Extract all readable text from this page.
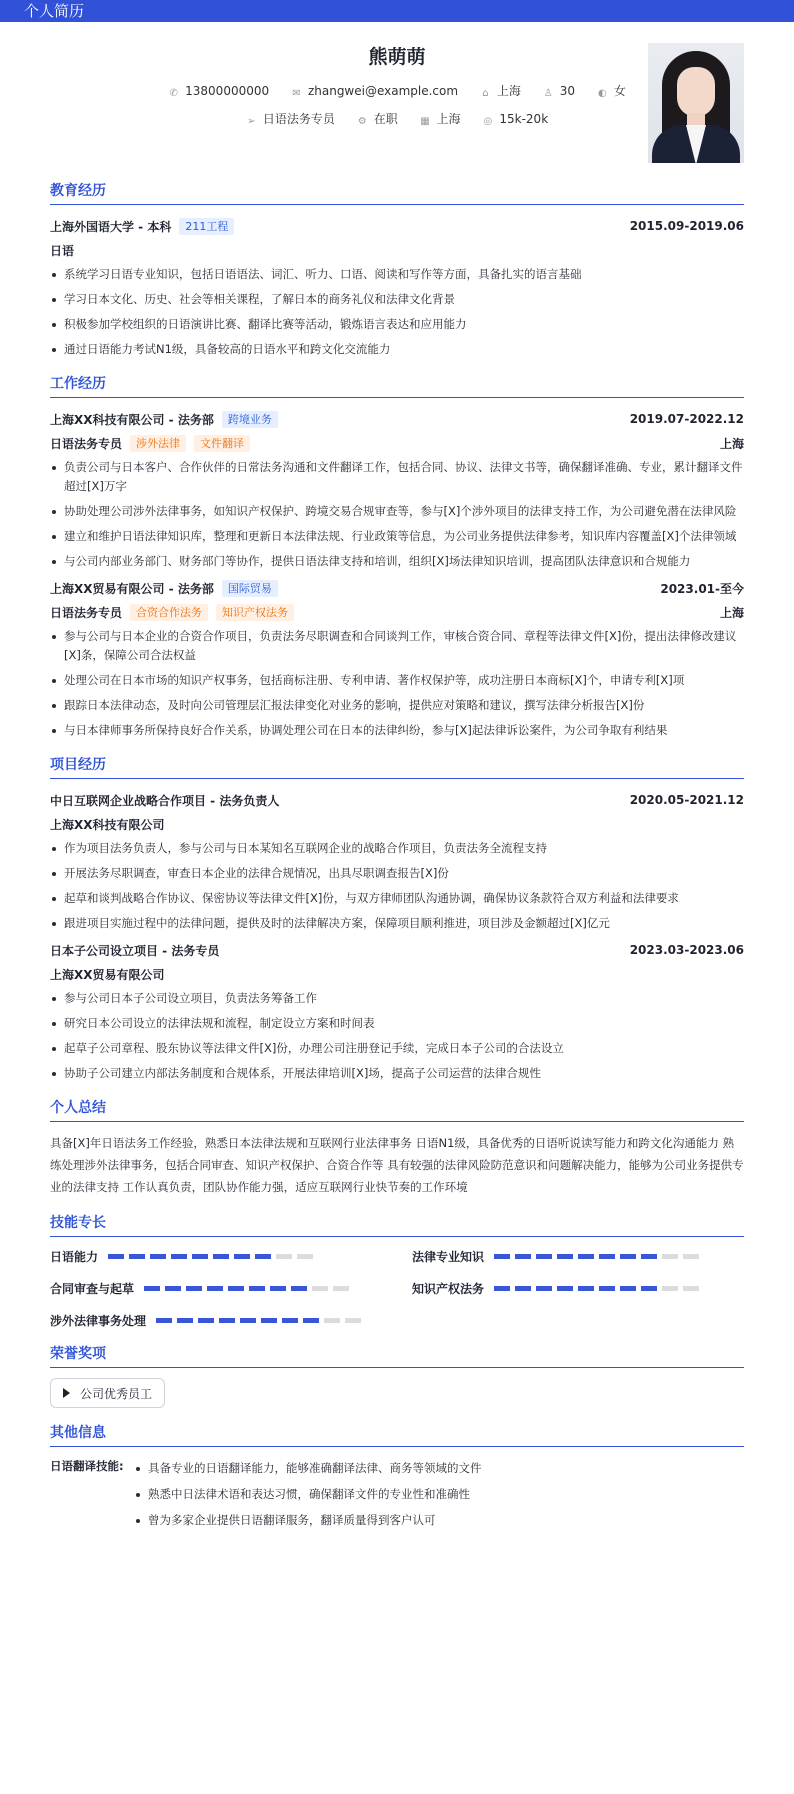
个人简历
熊萌萌
✆ 13800000000 ✉ zhangwei@example.com ⌂ 上海 ♙ 30 ◐ 女
➢ 日语法务专员 ⚙ 在职 ▦ 上海 ◎ 15k-20k
教育经历
上海外国语大学 - 本科	211工程	2015.09-2019.06
日语
系统学习日语专业知识，包括日语语法、词汇、听力、口语、阅读和写作等方面，具备扎实的语言基础
学习日本文化、历史、社会等相关课程，了解日本的商务礼仪和法律文化背景
积极参加学校组织的日语演讲比赛、翻译比赛等活动，锻炼语言表达和应用能力
通过日语能力考试N1级，具备较高的日语水平和跨文化交流能力
工作经历
上海XX科技有限公司 - 法务部	跨境业务	2019.07-2022.12
日语法务专员	涉外法律	文件翻译	上海
负责公司与日本客户、合作伙伴的日常法务沟通和文件翻译工作，包括合同、协议、法律文书等，确保翻译准确、专业，累计翻译文件超过[X]万字
协助处理公司涉外法律事务，如知识产权保护、跨境交易合规审查等，参与[X]个涉外项目的法律支持工作，为公司避免潜在法律风险
建立和维护日语法律知识库，整理和更新日本法律法规、行业政策等信息，为公司业务提供法律参考，知识库内容覆盖[X]个法律领域
与公司内部业务部门、财务部门等协作，提供日语法律支持和培训，组织[X]场法律知识培训，提高团队法律意识和合规能力
上海XX贸易有限公司 - 法务部	国际贸易	2023.01-至今
日语法务专员	合资合作法务	知识产权法务	上海
参与公司与日本企业的合资合作项目，负责法务尽职调查和合同谈判工作，审核合资合同、章程等法律文件[X]份，提出法律修改建议[X]条，保障公司合法权益
处理公司在日本市场的知识产权事务，包括商标注册、专利申请、著作权保护等，成功注册日本商标[X]个，申请专利[X]项
跟踪日本法律动态，及时向公司管理层汇报法律变化对业务的影响，提供应对策略和建议，撰写法律分析报告[X]份
与日本律师事务所保持良好合作关系，协调处理公司在日本的法律纠纷，参与[X]起法律诉讼案件，为公司争取有利结果
项目经历
中日互联网企业战略合作项目 - 法务负责人	2020.05-2021.12
上海XX科技有限公司
作为项目法务负责人，参与公司与日本某知名互联网企业的战略合作项目，负责法务全流程支持
开展法务尽职调查，审查日本企业的法律合规情况，出具尽职调查报告[X]份
起草和谈判战略合作协议、保密协议等法律文件[X]份，与双方律师团队沟通协调，确保协议条款符合双方利益和法律要求
跟进项目实施过程中的法律问题，提供及时的法律解决方案，保障项目顺利推进，项目涉及金额超过[X]亿元
日本子公司设立项目 - 法务专员	2023.03-2023.06
上海XX贸易有限公司
参与公司日本子公司设立项目，负责法务筹备工作
研究日本公司设立的法律法规和流程，制定设立方案和时间表
起草子公司章程、股东协议等法律文件[X]份，办理公司注册登记手续，完成日本子公司的合法设立
协助子公司建立内部法务制度和合规体系，开展法律培训[X]场，提高子公司运营的法律合规性
个人总结
具备[X]年日语法务工作经验，熟悉日本法律法规和互联网行业法律事务 日语N1级，具备优秀的日语听说读写能力和跨文化沟通能力 熟练处理涉外法律事务，包括合同审查、知识产权保护、合资合作等 具有较强的法律风险防范意识和问题解决能力，能够为公司业务提供专业的法律支持 工作认真负责，团队协作能力强，适应互联网行业快节奏的工作环境
技能专长
日语能力	法律专业知识
合同审查与起草	知识产权法务
涉外法律事务处理
荣誉奖项
公司优秀员工
其他信息
日语翻译技能:	具备专业的日语翻译能力，能够准确翻译法律、商务等领域的文件
熟悉中日法律术语和表达习惯，确保翻译文件的专业性和准确性
曾为多家企业提供日语翻译服务，翻译质量得到客户认可
